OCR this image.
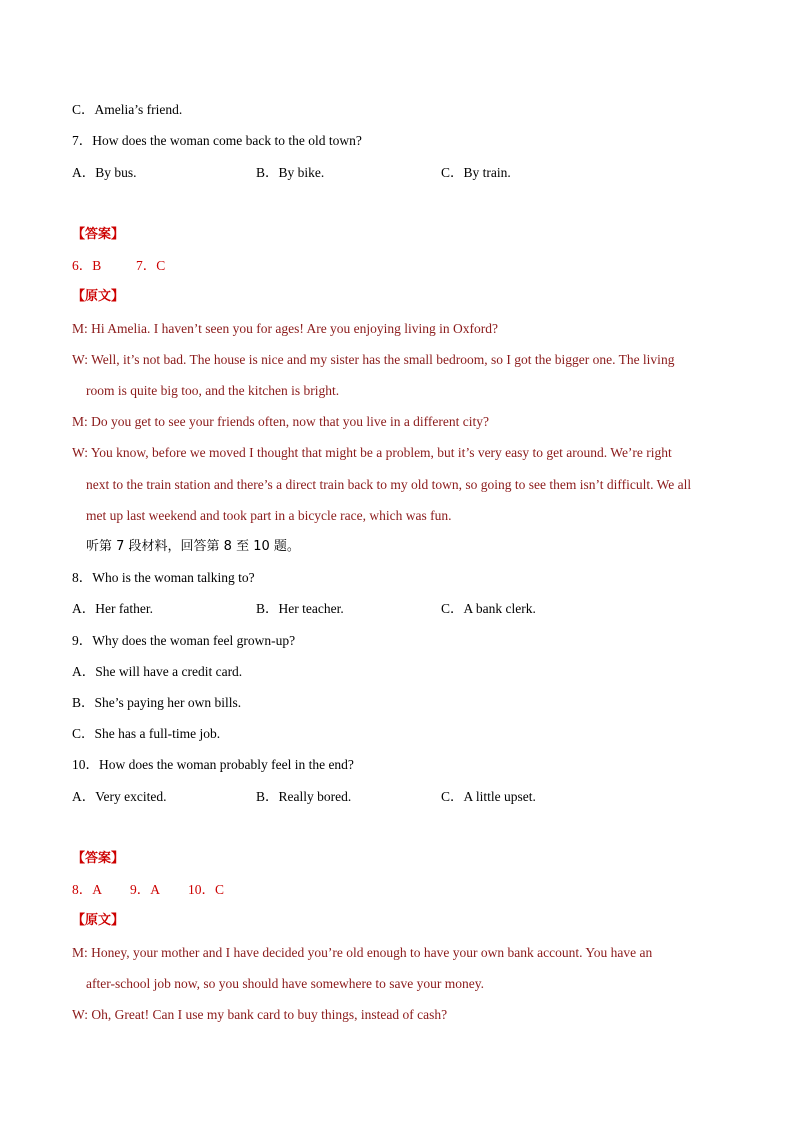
C．Amelia’s friend.
7．How does the woman come back to the old town?
A．By bus.	B．By bike.	C．By train.
【答案】
6．B	7．C
【原文】
M: Hi Amelia. I haven’t seen you for ages! Are you enjoying living in Oxford?
W: Well, it’s not bad. The house is nice and my sister has the small bedroom, so I got the bigger one. The living
room is quite big too, and the kitchen is bright.
M: Do you get to see your friends often, now that you live in a different city?
W: You know, before we moved I thought that might be a problem, but it’s very easy to get around. We’re right
next to the train station and there’s a direct train back to my old town, so going to see them isn’t difficult. We all
met up last weekend and took part in a bicycle race, which was fun.
听第 7 段材料，回答第 8 至 10 题。
8．Who is the woman talking to?
A．Her father.	B．Her teacher.	C．A bank clerk.
9．Why does the woman feel grown-up?
A．She will have a credit card.
B．She’s paying her own bills.
C．She has a full-time job.
10．How does the woman probably feel in the end?
A．Very excited.	B．Really bored.	C．A little upset.
【答案】
8．A 9．A 10．C
【原文】
M: Honey, your mother and I have decided you’re old enough to have your own bank account. You have an
after-school job now, so you should have somewhere to save your money.
W: Oh, Great! Can I use my bank card to buy things, instead of cash?
